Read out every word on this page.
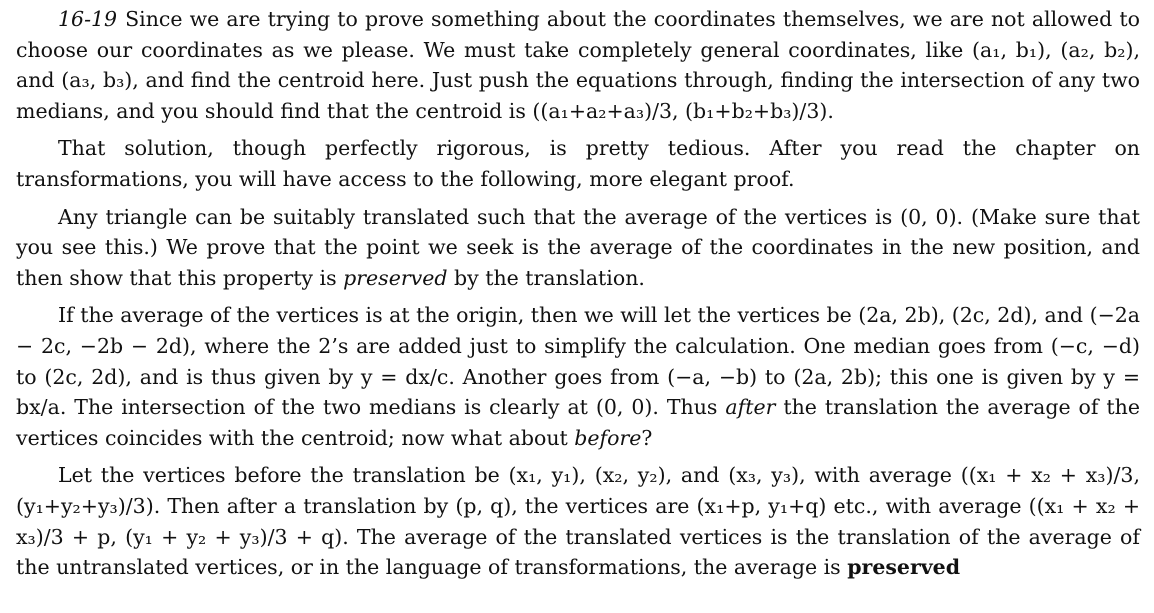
16-19 Since we are trying to prove something about the coordinates themselves, we are not allowed to choose our coordinates as we please. We must take completely general coordinates, like (a₁, b₁), (a₂, b₂), and (a₃, b₃), and find the centroid here. Just push the equations through, finding the intersection of any two medians, and you should find that the centroid is ((a₁+a₂+a₃)/3, (b₁+b₂+b₃)/3).

That solution, though perfectly rigorous, is pretty tedious. After you read the chapter on transformations, you will have access to the following, more elegant proof.

Any triangle can be suitably translated such that the average of the vertices is (0, 0). (Make sure that you see this.) We prove that the point we seek is the average of the coordinates in the new position, and then show that this property is preserved by the translation.

If the average of the vertices is at the origin, then we will let the vertices be (2a, 2b), (2c, 2d), and (−2a − 2c, −2b − 2d), where the 2’s are added just to simplify the calculation. One median goes from (−c, −d) to (2c, 2d), and is thus given by y = dx/c. Another goes from (−a, −b) to (2a, 2b); this one is given by y = bx/a. The intersection of the two medians is clearly at (0, 0). Thus after the translation the average of the vertices coincides with the centroid; now what about before?

Let the vertices before the translation be (x₁, y₁), (x₂, y₂), and (x₃, y₃), with average ((x₁ + x₂ + x₃)/3, (y₁+y₂+y₃)/3). Then after a translation by (p, q), the vertices are (x₁+p, y₁+q) etc., with average ((x₁ + x₂ + x₃)/3 + p, (y₁ + y₂ + y₃)/3 + q). The average of the translated vertices is the translation of the average of the untranslated vertices, or in the language of transformations, the average is preserved
